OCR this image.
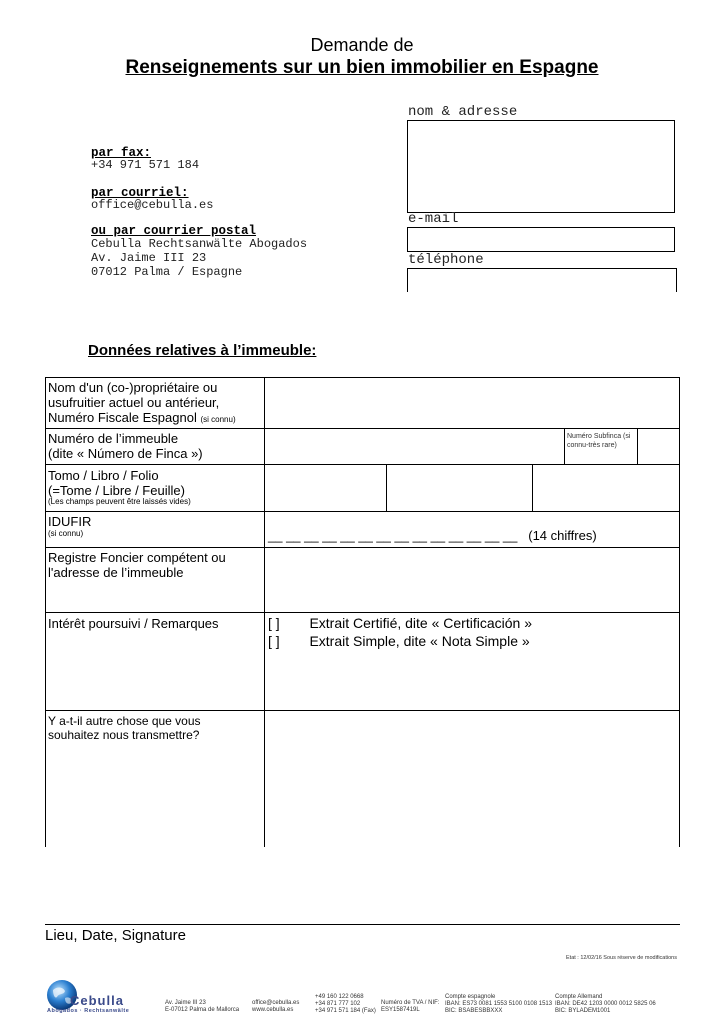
Demande de
Renseignements sur un bien immobilier en Espagne
par fax:
+34 971 571 184
par courriel:
office@cebulla.es
ou par courrier postal
Cebulla Rechtsanwälte Abogados
Av. Jaime III 23
07012 Palma / Espagne
nom & adresse
e-mail
téléphone
Données relatives à l’immeuble:
Nom d'un (co-)propriétaire ou usufruitier actuel ou antérieur, Numéro Fiscale Espagnol (si connu)
Numéro de l’immeuble
(dite « Número de Finca »)
Numéro Subfinca (si connu-très rare)
Tomo / Libro / Folio
(=Tome / Libre / Feuille)
(Les champs peuvent être laissés vides)
IDUFIR
(si connu)	__ __ __ __ __ __ __ __ __ __ __ __ __ __ (14 chiffres)
Registre Foncier compétent ou l'adresse de l’immeuble
Intérêt poursuivi / Remarques	[ ] Extrait Certifié, dite « Certificación »
[ ] Extrait Simple, dite « Nota Simple »
Y a-t-il autre chose que vous souhaitez nous transmettre?
Lieu, Date, Signature
Etat : 12/02/16 Sous réserve de modifications
Cebulla
Abogados · Rechtsanwälte
Av. Jaime III 23
E-07012 Palma de Mallorca
office@cebulla.es
www.cebulla.es
+49 160 122 0668
+34 871 777 102
+34 971 571 184 (Fax)
Numéro de TVA / NIF:
ESY1587419L
Compte espagnole
IBAN: ES73 0081 1553 5100 0108 1513
BIC: BSABESBBXXX
Compte Allemand
IBAN: DE42 1203 0000 0012 5825 06
BIC: BYLADEM1001
